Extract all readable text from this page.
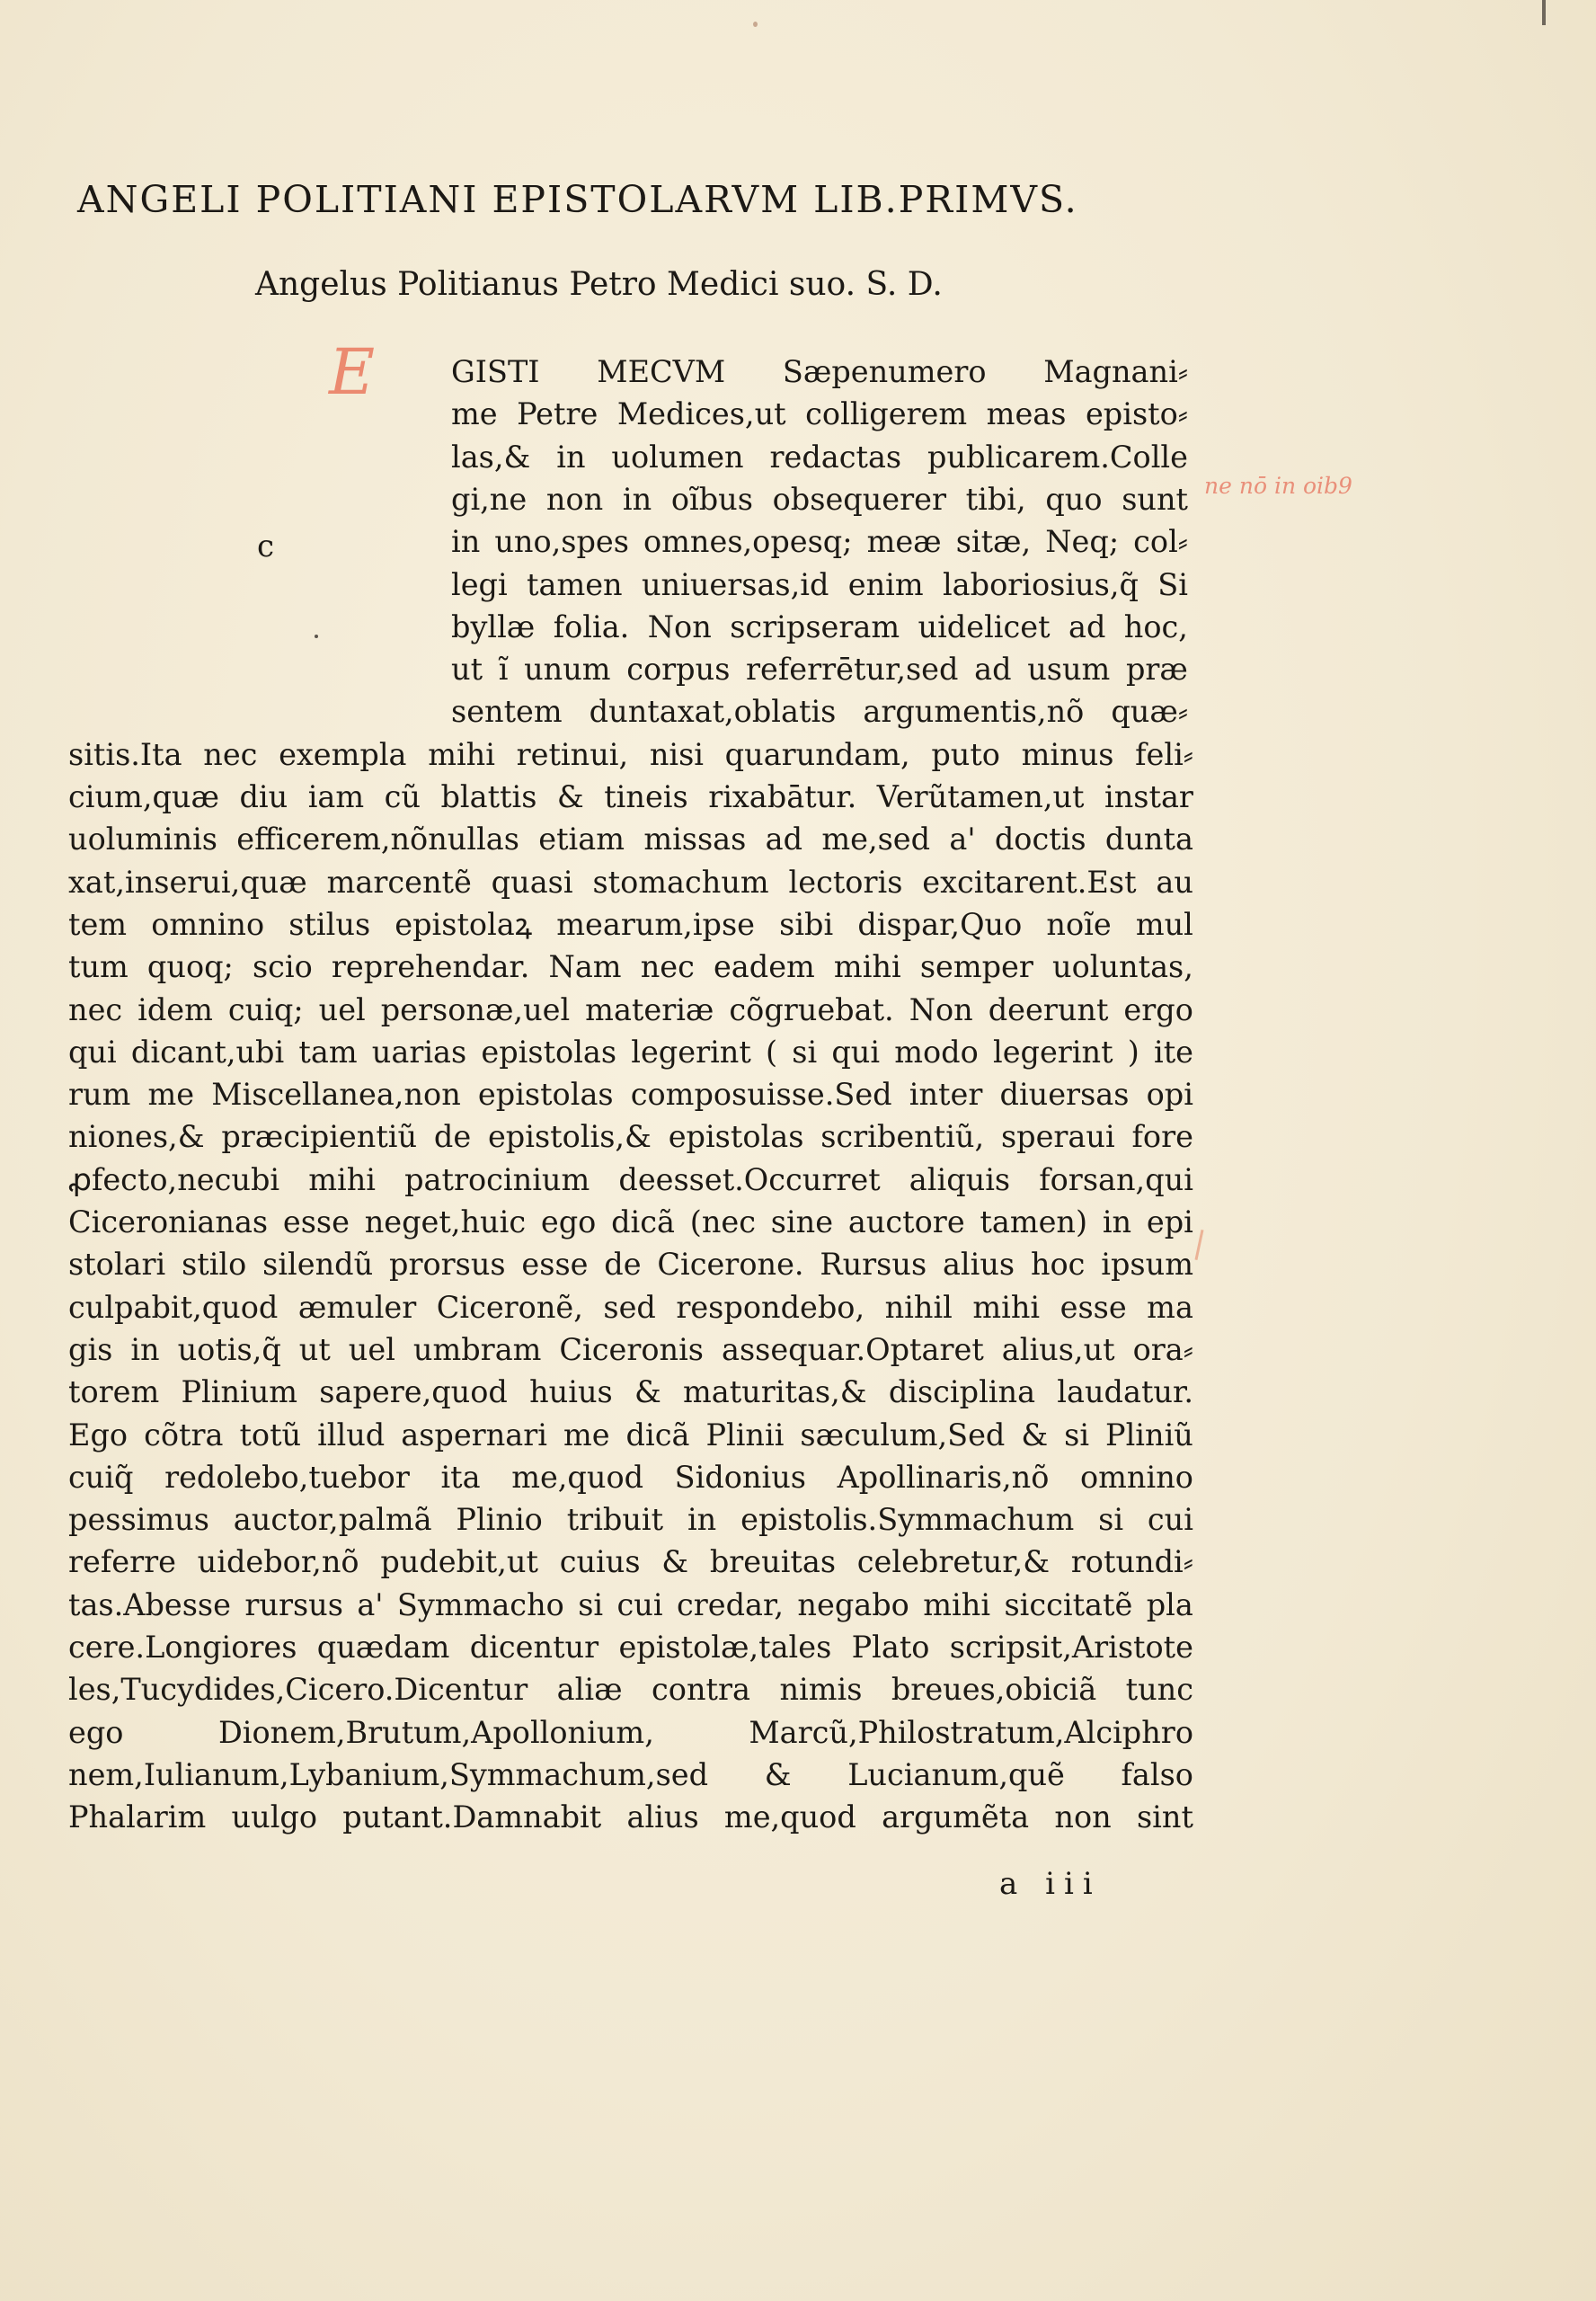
ANGELI POLITIANI EPISTOLARVM LIB.PRIMVS.
Angelus Politianus Petro Medici suo. S. D.
E
c
ne nō in oib9
GISTI MECVM Sæpenumero Magnani⸗
me Petre Medices,ut colligerem meas episto⸗
las,& in uolumen redactas publicarem.Colle
gi,ne non in oĩbus obsequerer tibi, quo sunt
in uno,spes omnes,opesq; meæ sitæ, Neq; col⸗
legi tamen uniuersas,id enim laboriosius,q̃ Si
byllæ folia. Non scripseram uidelicet ad hoc,
ut ĩ unum corpus referrētur,sed ad usum præ
sentem duntaxat,oblatis argumentis,nõ quæ⸗
sitis.Ita nec exempla mihi retinui, nisi quarundam, puto minus feli⸗
cium,quæ diu iam cũ blattis & tineis rixabātur. Verũtamen,ut instar
uoluminis efficerem,nõnullas etiam missas ad me,sed a' doctis dunta
xat,inserui,quæ marcentẽ quasi stomachum lectoris excitarent.Est au
tem omnino stilus epistolaꝝ mearum,ipse sibi dispar,Quo noĩe mul
tum quoq; scio reprehendar. Nam nec eadem mihi semper uoluntas,
nec idem cuiq; uel personæ,uel materiæ cõgruebat. Non deerunt ergo
qui dicant,ubi tam uarias epistolas legerint ( si qui modo legerint ) ite
rum me Miscellanea,non epistolas composuisse.Sed inter diuersas opi
niones,& præcipientiũ de epistolis,& epistolas scribentiũ, speraui fore
ꝓfecto,necubi mihi patrocinium deesset.Occurret aliquis forsan,qui
Ciceronianas esse neget,huic ego dicã (nec sine auctore tamen) in epi
stolari stilo silendũ prorsus esse de Cicerone. Rursus alius hoc ipsum
culpabit,quod æmuler Ciceronẽ, sed respondebo, nihil mihi esse ma
gis in uotis,q̃ ut uel umbram Ciceronis assequar.Optaret alius,ut ora⸗
torem Plinium sapere,quod huius & maturitas,& disciplina laudatur.
Ego cõtra totũ illud aspernari me dicã Plinii sæculum,Sed & si Pliniũ
cuiq̃ redolebo,tuebor ita me,quod Sidonius Apollinaris,nõ omnino
pessimus auctor,palmã Plinio tribuit in epistolis.Symmachum si cui
referre uidebor,nõ pudebit,ut cuius & breuitas celebretur,& rotundi⸗
tas.Abesse rursus a' Symmacho si cui credar, negabo mihi siccitatẽ pla
cere.Longiores quædam dicentur epistolæ,tales Plato scripsit,Aristote
les,Tucydides,Cicero.Dicentur aliæ contra nimis breues,obiciã tunc
ego	Dionem,Brutum,Apollonium,	Marcũ,Philostratum,Alciphro
nem,Iulianum,Lybanium,Symmachum,sed & Lucianum,quẽ falso
Phalarim uulgo putant.Damnabit alius me,quod argumẽta non sint
a iii
